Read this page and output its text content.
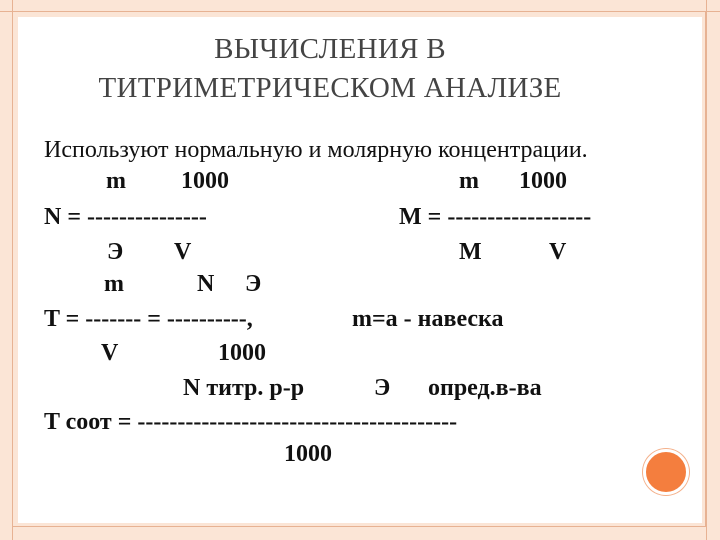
ВЫЧИСЛЕНИЯ В
ТИТРИМЕТРИЧЕСКОМ АНАЛИЗЕ
Используют нормальную и молярную концентрации.
m 1000
N = ---------------
Э V
m 1000
M = ------------------
M	V
m	N Э
T = ------- = ----------,	m=a - навеска
V	1000
N титр. р-р	Э опред.в-ва
T соот = ----------------------------------------
1000
